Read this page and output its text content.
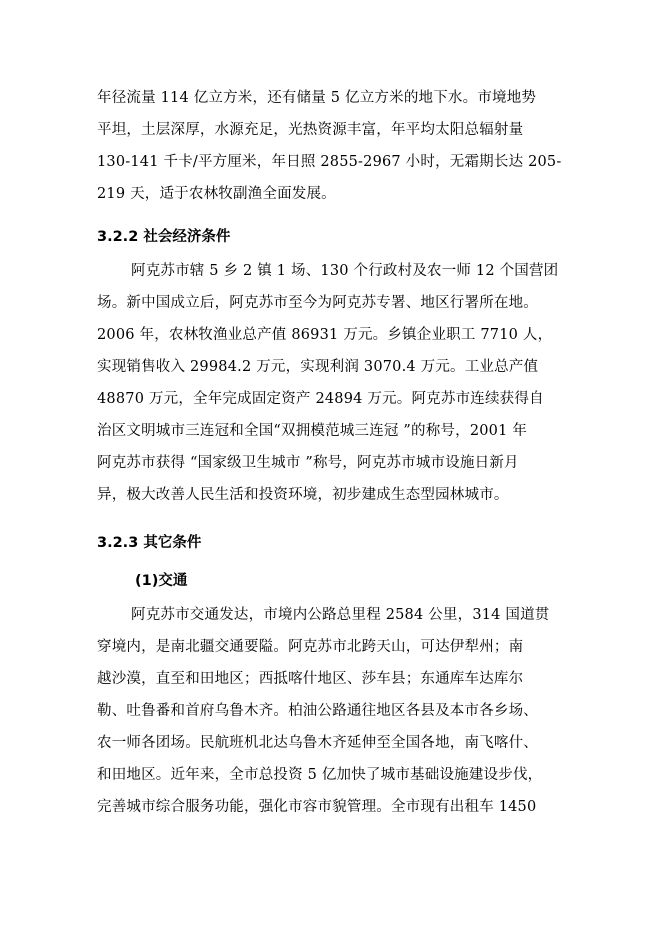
年径流量 114 亿立方米，还有储量 5 亿立方米的地下水。市境地势
平坦，土层深厚，水源充足，光热资源丰富，年平均太阳总辐射量
130-141 千卡/平方厘米，年日照 2855-2967 小时，无霜期长达 205-
219 天，适于农林牧副渔全面发展。
3.2.2 社会经济条件
阿克苏市辖 5 乡 2 镇 1 场、130 个行政村及农一师 12 个国营团
场。新中国成立后，阿克苏市至今为阿克苏专署、地区行署所在地。
2006 年，农林牧渔业总产值 86931 万元。乡镇企业职工 7710 人，
实现销售收入 29984.2 万元，实现利润 3070.4 万元。工业总产值
48870 万元，全年完成固定资产 24894 万元。阿克苏市连续获得自
治区文明城市三连冠和全国“双拥模范城三连冠 ”的称号，2001 年
阿克苏市获得 “国家级卫生城市 ”称号，阿克苏市城市设施日新月
异，极大改善人民生活和投资环境，初步建成生态型园林城市。
3.2.3 其它条件
(1)交通
阿克苏市交通发达，市境内公路总里程 2584 公里，314 国道贯
穿境内，是南北疆交通要隘。阿克苏市北跨天山，可达伊犁州；南
越沙漠，直至和田地区；西抵喀什地区、莎车县；东通库车达库尔
勒、吐鲁番和首府乌鲁木齐。柏油公路通往地区各县及本市各乡场、
农一师各团场。民航班机北达乌鲁木齐延伸至全国各地，南飞喀什、
和田地区。近年来，全市总投资 5 亿加快了城市基础设施建设步伐，
完善城市综合服务功能，强化市容市貌管理。全市现有出租车 1450
